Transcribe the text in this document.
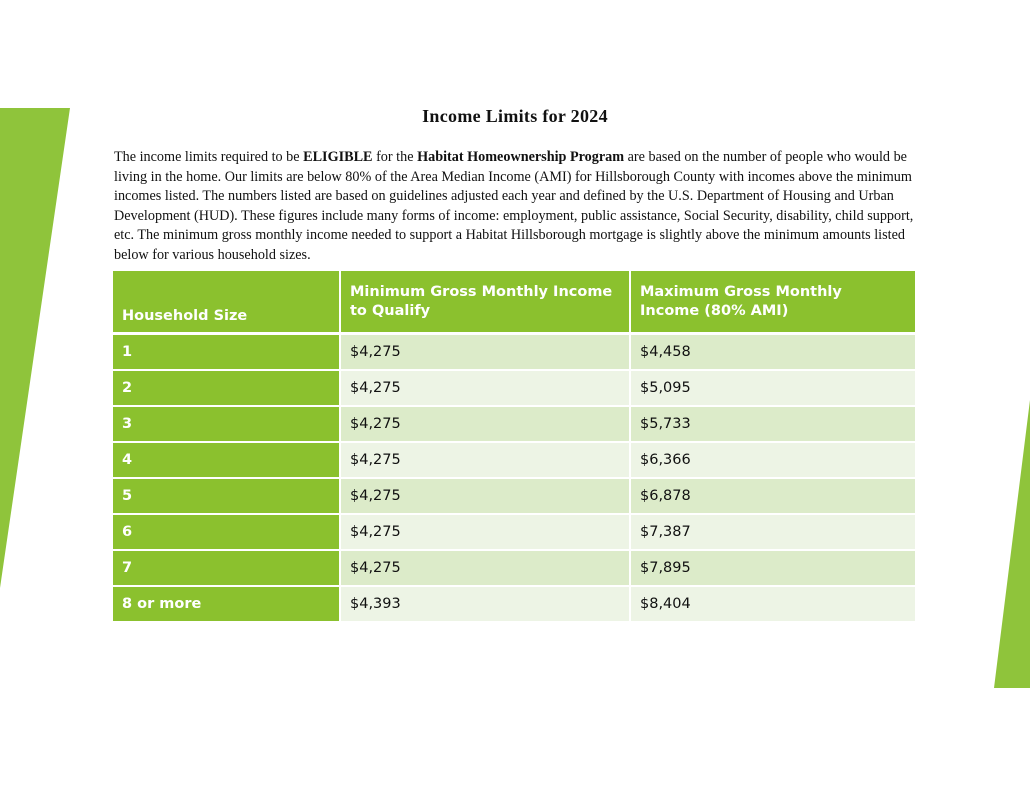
Income Limits for 2024
The income limits required to be ELIGIBLE for the Habitat Homeownership Program are based on the number of people who would be living in the home. Our limits are below 80% of the Area Median Income (AMI) for Hillsborough County with incomes above the minimum incomes listed. The numbers listed are based on guidelines adjusted each year and defined by the U.S. Department of Housing and Urban Development (HUD). These figures include many forms of income: employment, public assistance, Social Security, disability, child support, etc. The minimum gross monthly income needed to support a Habitat Hillsborough mortgage is slightly above the minimum amounts listed below for various household sizes.
Household Size	Minimum Gross Monthly Income to Qualify	Maximum Gross Monthly Income (80% AMI)
1	$4,275	$4,458
2	$4,275	$5,095
3	$4,275	$5,733
4	$4,275	$6,366
5	$4,275	$6,878
6	$4,275	$7,387
7	$4,275	$7,895
8 or more	$4,393	$8,404
